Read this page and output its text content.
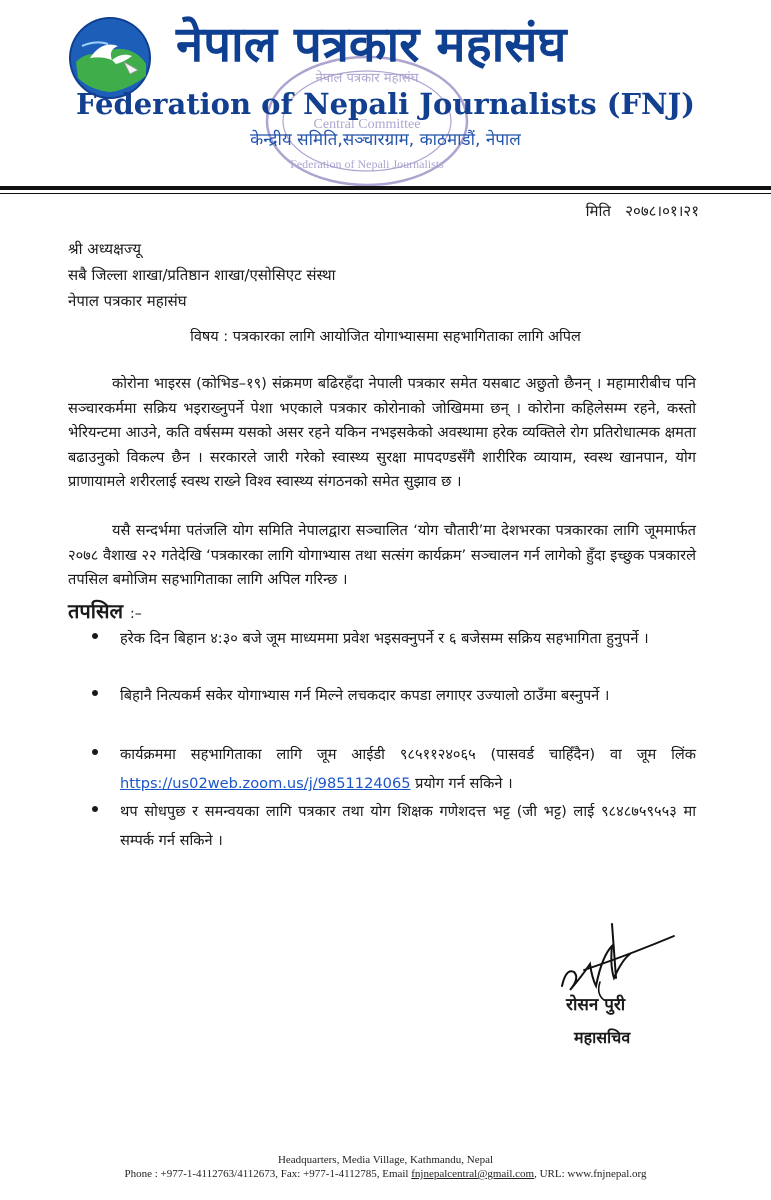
नेपाल पत्रकार महासंघ
Central Committee
Federation of Nepali Journalists
नेपाल पत्रकार महासंघ
Federation of Nepali Journalists (FNJ)
केन्द्रीय समिति,सञ्चारग्राम, काठमाडौं, नेपाल
मिति २०७८।०१।२१
श्री अध्यक्षज्यू
सबै जिल्ला शाखा/प्रतिष्ठान शाखा/एसोसिएट संस्था
नेपाल पत्रकार महासंघ
विषय : पत्रकारका लागि आयोजित योगाभ्यासमा सहभागिताका लागि अपिल

कोरोना भाइरस (कोभिड–१९) संक्रमण बढिरहँदा नेपाली पत्रकार समेत यसबाट अछुतो छैनन् । महामारीबीच पनि सञ्चारकर्ममा सक्रिय भइराख्नुपर्ने पेशा भएकाले पत्रकार कोरोनाको जोखिममा छन् । कोरोना कहिलेसम्म रहने, कस्तो भेरियन्टमा आउने, कति वर्षसम्म यसको असर रहने यकिन नभइसकेको अवस्थामा हरेक व्यक्तिले रोग प्रतिरोधात्मक क्षमता बढाउनुको विकल्प छैन । सरकारले जारी गरेको स्वास्थ्य सुरक्षा मापदण्डसँगै शारीरिक व्यायाम, स्वस्थ खानपान, योग प्राणायामले शरीरलाई स्वस्थ राख्ने विश्व स्वास्थ्य संगठनको समेत सुझाव छ ।

यसै सन्दर्भमा पतंजलि योग समिति नेपालद्वारा सञ्चालित ‘योग चौतारी’मा देशभरका पत्रकारका लागि जूममार्फत २०७८ वैशाख २२ गतेदेखि ‘पत्रकारका लागि योगाभ्यास तथा सत्संग कार्यक्रम’ सञ्चालन गर्न लागेको हुँदा इच्छुक पत्रकारले तपसिल बमोजिम सहभागिताका लागि अपिल गरिन्छ ।

तपसिल :–

हरेक दिन बिहान ४:३० बजे जूम माध्यममा प्रवेश भइसक्नुपर्ने र ६ बजेसम्म सक्रिय सहभागिता हुनुपर्ने ।

बिहानै नित्यकर्म सकेर योगाभ्यास गर्न मिल्ने लचकदार कपडा लगाएर उज्यालो ठाउँमा बस्नुपर्ने ।

कार्यक्रममा सहभागिताका लागि जूम आईडी ९८५११२४०६५ (पासवर्ड चाहिँदैन) वा जूम लिंक https://us02web.zoom.us/j/9851124065 प्रयोग गर्न सकिने ।

थप सोधपुछ र समन्वयका लागि पत्रकार तथा योग शिक्षक गणेशदत्त भट्ट (जी भट्ट) लाई ९८४८७५९५५३ मा सम्पर्क गर्न सकिने ।

रोसन पुरी
महासचिव
Headquarters, Media Village, Kathmandu, Nepal
Phone : +977-1-4112763/4112673, Fax: +977-1-4112785, Email fnjnepalcentral@gmail.com, URL: www.fnjnepal.org
